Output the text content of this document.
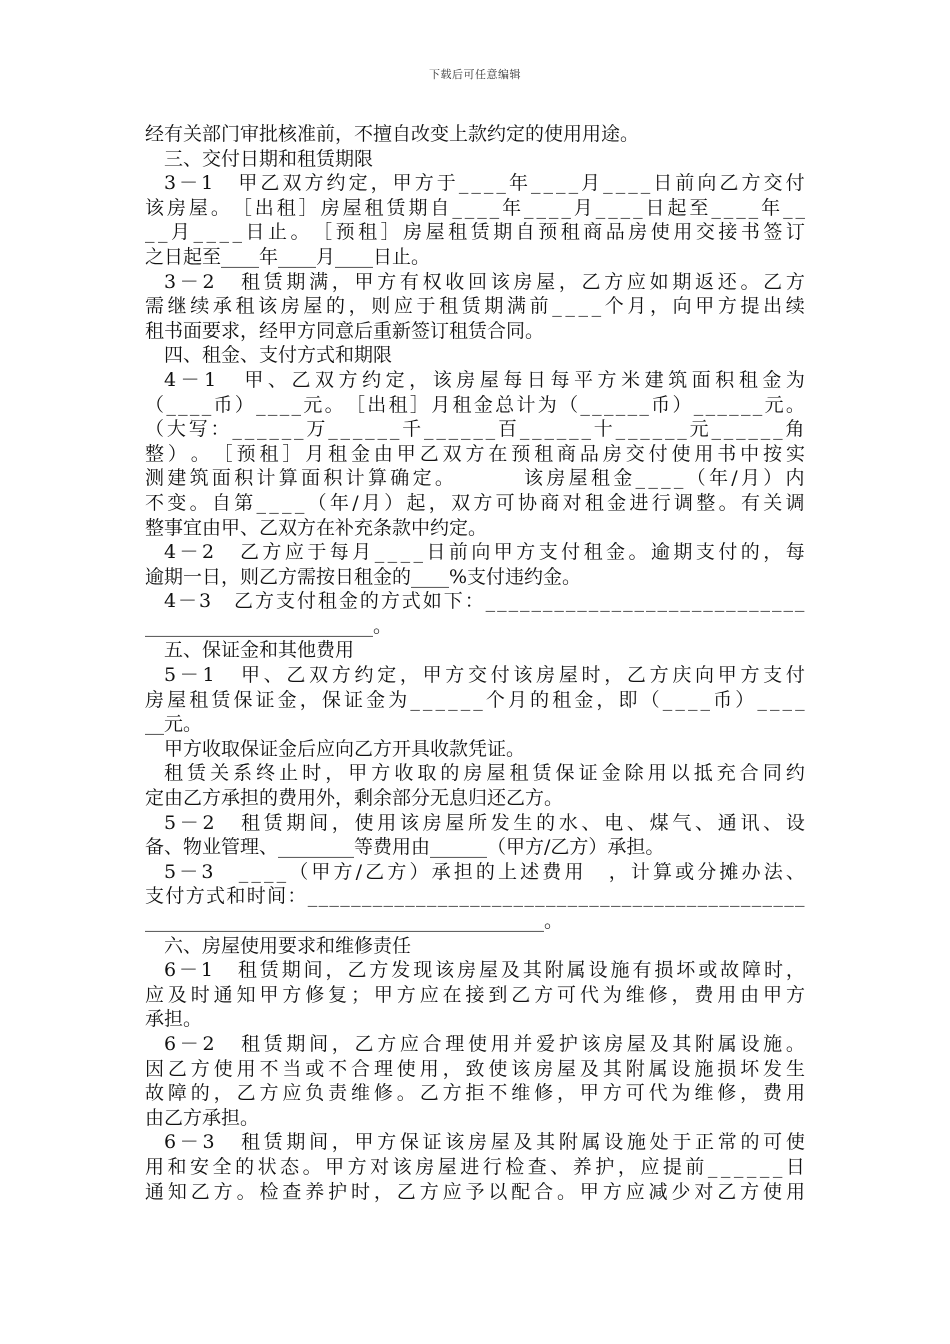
下载后可任意编辑
经有关部门审批核准前，不擅自改变上款约定的使用用途。
三、交付日期和租赁期限
3 － 1
　 甲 乙 双 方 约 定 ， 甲 方 于 _ _ _ _ 年 _ _ _ _ 月 _ _ _ _ 日 前 向 乙 方 交 付
该 房 屋 。 ［ 出 租 ］ 房 屋 租 赁 期 自 _ _ _ _ 年 _ _ _ _ 月 _ _ _ _ 日 起 至 _ _ _ _ 年 _ _
_ _ 月 _ _ _ _ 日 止 。 ［ 预 租 ］ 房 屋 租 赁 期 自 预 租 商 品 房 使 用 交 接 书 签 订
之日起至____年____月____日止。
3 － 2
　 租 赁 期 满 ， 甲 方 有 权 收 回 该 房 屋 ， 乙 方 应 如 期 返 还 。 乙 方
需 继 续 承 租 该 房 屋 的 ， 则 应 于 租 赁 期 满 前 _ _ _ _ 个 月 ， 向 甲 方 提 出 续
租书面要求，经甲方同意后重新签订租赁合同。
四、租金、支付方式和期限
4 － 1
　 甲 、 乙 双 方 约 定 ， 该 房 屋 每 日 每 平 方 米 建 筑 面 积 租 金 为
（ _ _ _ _ 币 ） _ _ _ _ 元 。 ［ 出 租 ］ 月 租 金 总 计 为 （ _ _ _ _ _ _ 币 ） _ _ _ _ _ _ 元 。
（ 大 写 ： _ _ _ _ _ _ 万 _ _ _ _ _ _ 千 _ _ _ _ _ _ 百 _ _ _ _ _ _ 十 _ _ _ _ _ _ 元 _ _ _ _ _ _ 角
整 ） 。 ［ 预 租 ］ 月 租 金 由 甲 乙 双 方 在 预 租 商 品 房 交 付 使 用 书 中 按 实
测 建 筑 面 积 计 算 面 积 计 算 确 定 。

　	该 房 屋 租 金 _ _ _ _ （ 年 / 月 ） 内
不 变 。 自 第 _ _ _ _ （ 年 / 月 ） 起 ， 双 方 可 协 商 对 租 金 进 行 调 整 。 有 关 调
整事宜由甲、乙双方在补充条款中约定。
4 － 2
　 乙 方 应 于 每 月 _ _ _ _ 日 前 向 甲 方 支 付 租 金 。 逾 期 支 付 的 ， 每
逾期一日，则乙方需按日租金的____%支付违约金。
4 － 3
　 乙 方 支 付 租 金 的 方 式 如 下 ： _ _ _ _ _ _ _ _ _ _ _ _ _ _ _ _ _ _ _ _ _ _ _ _ _ _ _ _
________________________。
五、保证金和其他费用
5 － 1
　 甲 、 乙 双 方 约 定 ， 甲 方 交 付 该 房 屋 时 ， 乙 方 庆 向 甲 方 支 付
房 屋 租 赁 保 证 金 ， 保 证 金 为 _ _ _ _ _ _ 个 月 的 租 金 ， 即 （ _ _ _ _ 币 ） _ _ _ _
__元。
甲方收取保证金后应向乙方开具收款凭证。
租 赁 关 系 终 止 时 ， 甲 方 收 取 的 房 屋 租 赁 保 证 金 除 用 以 抵 充 合 同 约
定由乙方承担的费用外，剩余部分无息归还乙方。
5 － 2
　 租 赁 期 间 ， 使 用 该 房 屋 所 发 生 的 水 、 电 、 煤 气 、 通 讯 、 设
备、物业管理、________等费用由______（甲方/乙方）承担。
5 － 3
　 _ _ _ _ （ 甲 方 / 乙 方 ） 承 担 的 上 述 费 用
　 ， 计 算 或 分 摊 办 法 、
支 付 方 式 和 时 间 ： _ _ _ _ _ _ _ _ _ _ _ _ _ _ _ _ _ _ _ _ _ _ _ _ _ _ _ _ _ _ _ _ _ _ _ _ _ _ _ _ _ _ _ _ _ _
__________________________________________。
六、房屋使用要求和维修责任
6 － 1
　 租 赁 期 间 ， 乙 方 发 现 该 房 屋 及 其 附 属 设 施 有 损 坏 或 故 障 时 ，
应 及 时 通 知 甲 方 修 复 ； 甲 方 应 在 接 到 乙 方 可 代 为 维 修 ， 费 用 由 甲 方
承担。
6 － 2
　 租 赁 期 间 ， 乙 方 应 合 理 使 用 并 爱 护 该 房 屋 及 其 附 属 设 施 。
因 乙 方 使 用 不 当 或 不 合 理 使 用 ， 致 使 该 房 屋 及 其 附 属 设 施 损 坏 发 生
故 障 的 ， 乙 方 应 负 责 维 修 。 乙 方 拒 不 维 修 ， 甲 方 可 代 为 维 修 ， 费 用
由乙方承担。
6 － 3
　 租 赁 期 间 ， 甲 方 保 证 该 房 屋 及 其 附 属 设 施 处 于 正 常 的 可 使
用 和 安 全 的 状 态 。 甲 方 对 该 房 屋 进 行 检 查 、 养 护 ， 应 提 前 _ _ _ _ _ _ 日
通 知 乙 方 。 检 查 养 护 时 ， 乙 方 应 予 以 配 合 。 甲 方 应 减 少 对 乙 方 使 用
